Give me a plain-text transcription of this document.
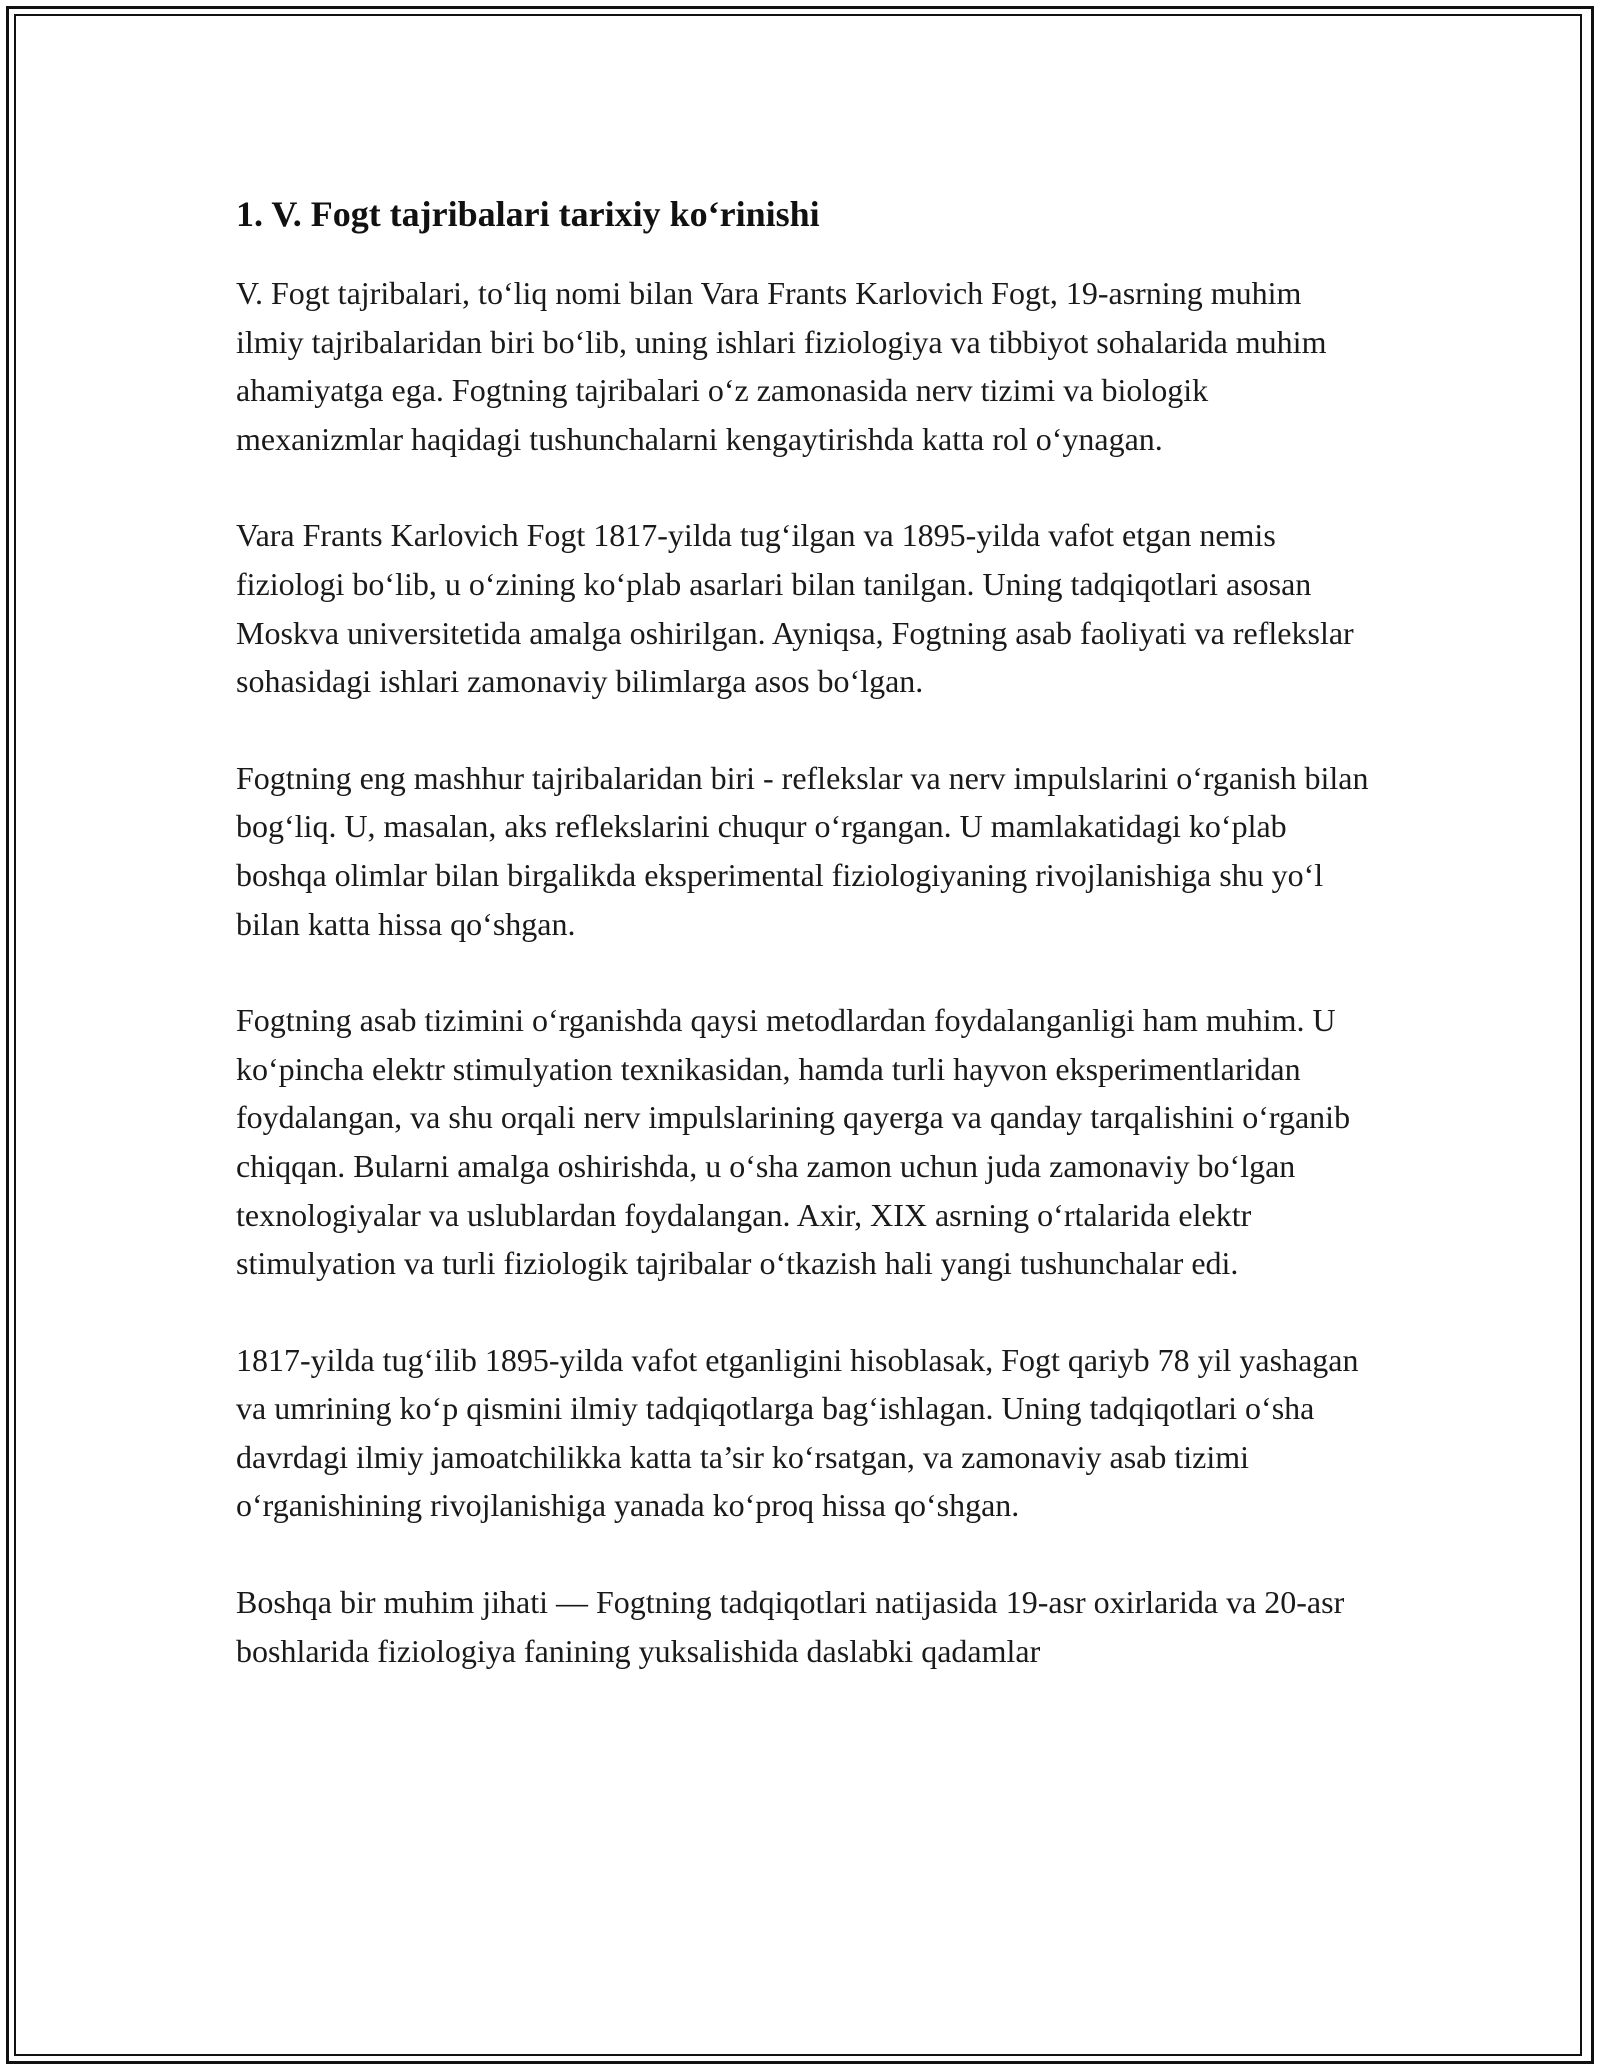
1. V. Fogt tajribalari tarixiy koʻrinishi

V. Fogt tajribalari, toʻliq nomi bilan Vara Frants Karlovich Fogt, 19-asrning muhim ilmiy tajribalaridan biri boʻlib, uning ishlari fiziologiya va tibbiyot sohalarida muhim ahamiyatga ega. Fogtning tajribalari oʻz zamonasida nerv tizimi va biologik mexanizmlar haqidagi tushunchalarni kengaytirishda katta rol oʻynagan.

Vara Frants Karlovich Fogt 1817-yilda tugʻilgan va 1895-yilda vafot etgan nemis fiziologi boʻlib, u oʻzining koʻplab asarlari bilan tanilgan. Uning tadqiqotlari asosan Moskva universitetida amalga oshirilgan. Ayniqsa, Fogtning asab faoliyati va reflekslar sohasidagi ishlari zamonaviy bilimlarga asos boʻlgan.

Fogtning eng mashhur tajribalaridan biri - reflekslar va nerv impulslarini oʻrganish bilan bogʻliq. U, masalan, aks reflekslarini chuqur oʻrgangan. U mamlakatidagi koʻplab boshqa olimlar bilan birgalikda eksperimental fiziologiyaning rivojlanishiga shu yoʻl bilan katta hissa qoʻshgan.

Fogtning asab tizimini oʻrganishda qaysi metodlardan foydalanganligi ham muhim. U koʻpincha elektr stimulyation texnikasidan, hamda turli hayvon eksperimentlaridan foydalangan, va shu orqali nerv impulslarining qayerga va qanday tarqalishini oʻrganib chiqqan. Bularni amalga oshirishda, u oʻsha zamon uchun juda zamonaviy boʻlgan texnologiyalar va uslublardan foydalangan. Axir, XIX asrning oʻrtalarida elektr stimulyation va turli fiziologik tajribalar oʻtkazish hali yangi tushunchalar edi.

1817-yilda tugʻilib 1895-yilda vafot etganligini hisoblasak, Fogt qariyb 78 yil yashagan va umrining koʻp qismini ilmiy tadqiqotlarga bagʻishlagan. Uning tadqiqotlari oʻsha davrdagi ilmiy jamoatchilikka katta ta’sir koʻrsatgan, va zamonaviy asab tizimi oʻrganishining rivojlanishiga yanada koʻproq hissa qoʻshgan.

Boshqa bir muhim jihati — Fogtning tadqiqotlari natijasida 19-asr oxirlarida va 20-asr boshlarida fiziologiya fanining yuksalishida daslabki qadamlar
